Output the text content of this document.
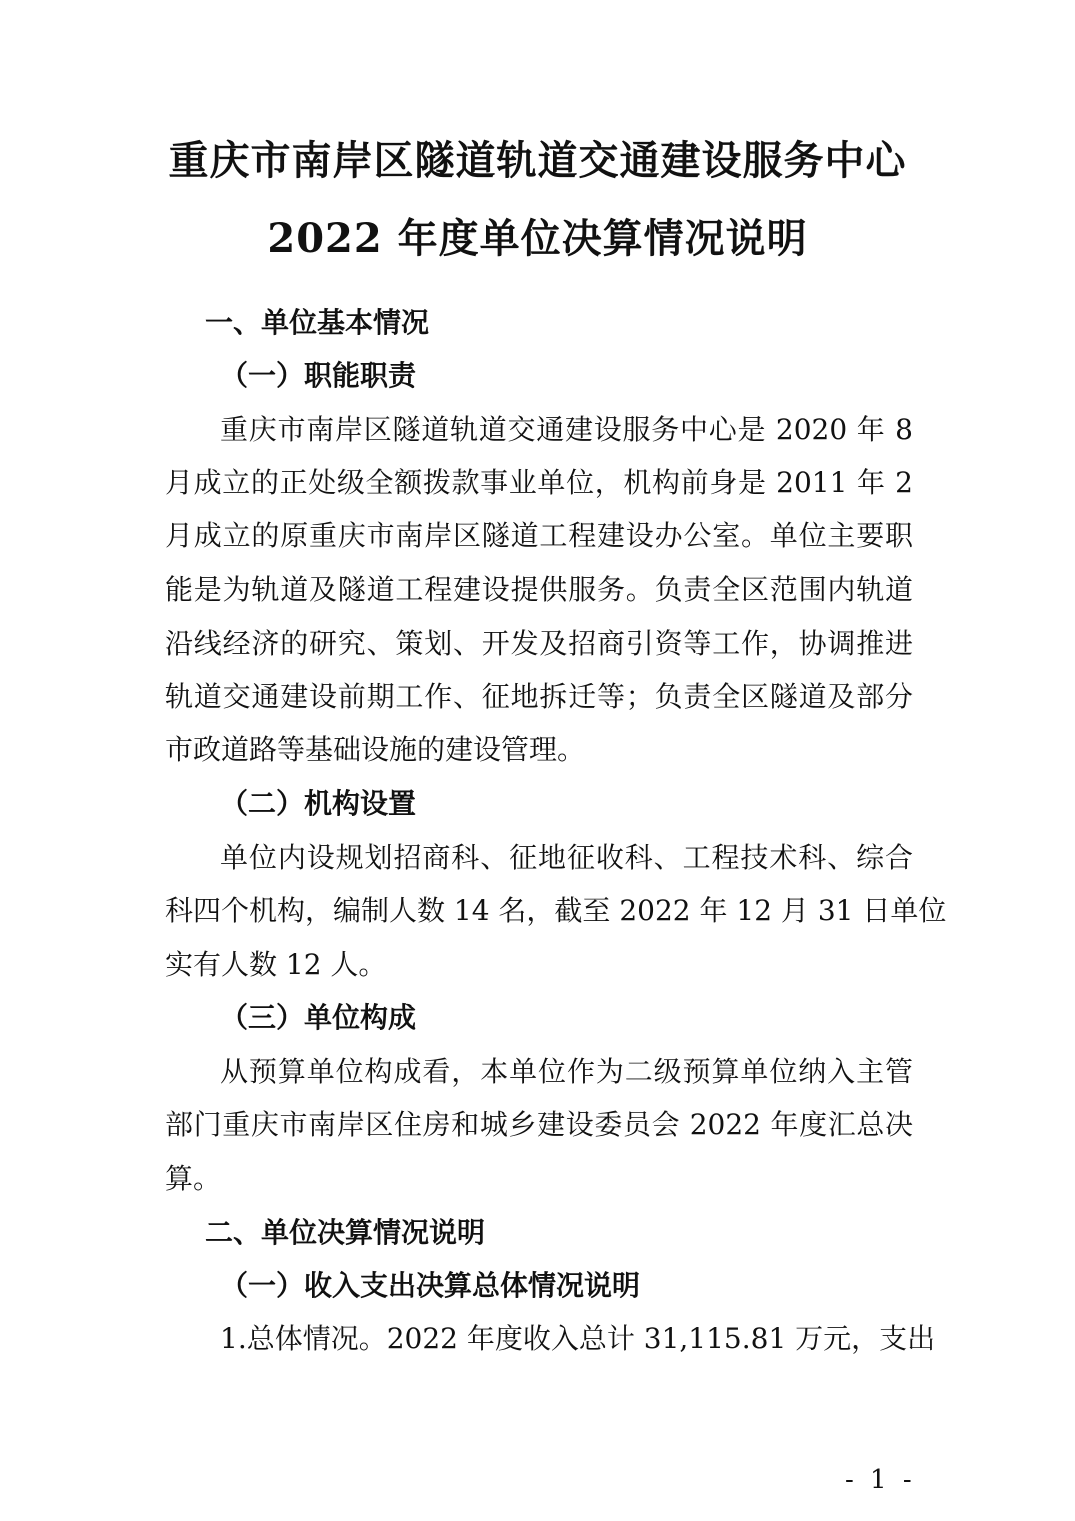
重庆市南岸区隧道轨道交通建设服务中心
2022 年度单位决算情况说明
一、单位基本情况
（一）职能职责

重庆市南岸区隧道轨道交通建设服务中心是 2020 年 8

月成立的正处级全额拨款事业单位，机构前身是 2011 年 2

月成立的原重庆市南岸区隧道工程建设办公室。单位主要职

能是为轨道及隧道工程建设提供服务。负责全区范围内轨道

沿线经济的研究、策划、开发及招商引资等工作，协调推进

轨道交通建设前期工作、征地拆迁等；负责全区隧道及部分

市政道路等基础设施的建设管理。

（二）机构设置

单位内设规划招商科、征地征收科、工程技术科、综合

科四个机构，编制人数 14 名，截至 2022 年 12 月 31 日单位

实有人数 12 人。

（三）单位构成

从预算单位构成看，本单位作为二级预算单位纳入主管

部门重庆市南岸区住房和城乡建设委员会 2022 年度汇总决

算。

二、单位决算情况说明
（一）收入支出决算总体情况说明

1.总体情况。2022 年度收入总计 31,115.81 万元，支出

- 1 -
